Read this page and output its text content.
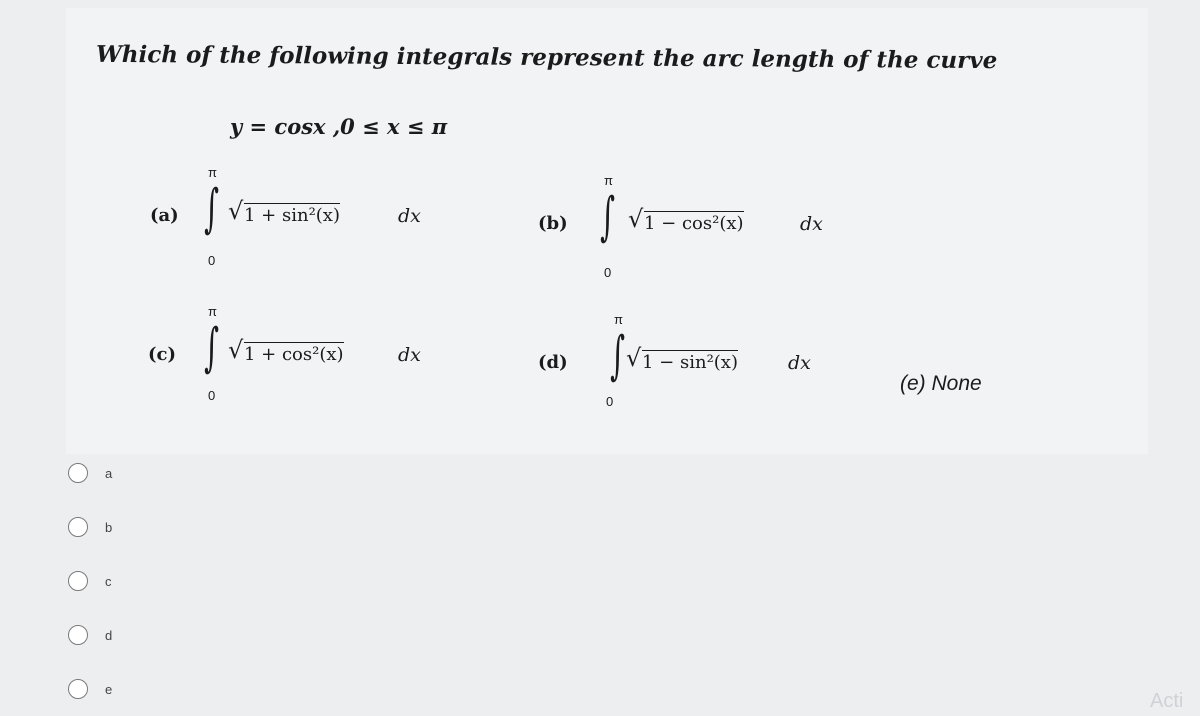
Which of the following integrals represent the arc length of the curve

y = cosx ,0 ≤ x ≤ π
(a)
π
∫
0
√ 1 + sin²(x)	dx	(b)
π
∫
0
√ 1 − cos²(x)	dx
(c)
π
∫
0
√ 1 + cos²(x)	dx	(d)
π
∫
0
√ 1 − sin²(x)	dx
(e) None
a
b
c
d
e
Acti
